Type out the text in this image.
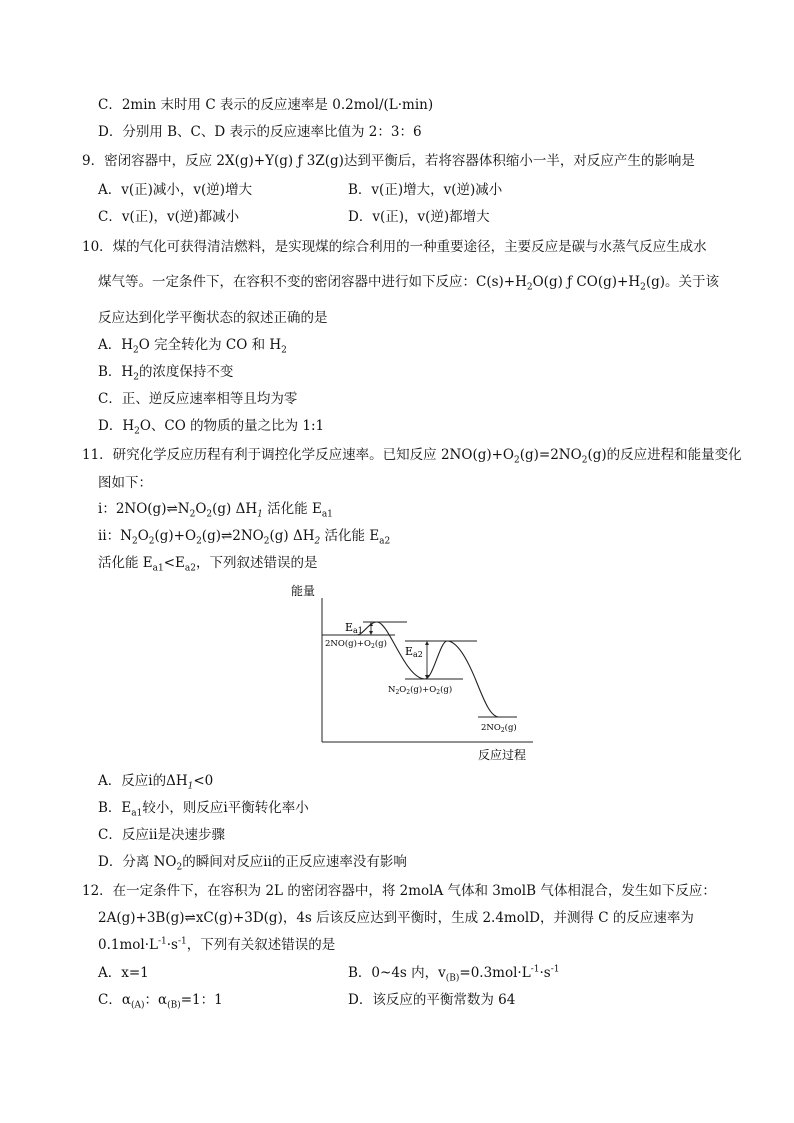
C．2min 末时用 C 表示的反应速率是 0.2mol/(L·min)
D．分别用 B、C、D 表示的反应速率比值为 2：3：6
9．密闭容器中，反应 2X(g)+Y(g) ƒ 3Z(g)达到平衡后，若将容器体积缩小一半，对反应产生的影响是
A．v(正)减小，v(逆)增大	B．v(正)增大，v(逆)减小
C．v(正)，v(逆)都减小	D．v(正)，v(逆)都增大
10．煤的气化可获得清洁燃料，是实现煤的综合利用的一种重要途径，主要反应是碳与水蒸气反应生成水
煤气等。一定条件下，在容积不变的密闭容器中进行如下反应：$C(s)+H_2O(g)$ ƒ $CO(g)+H_2(g)$。关于该
反应达到化学平衡状态的叙述正确的是
A．$H_2O$ 完全转化为 CO 和 $H_2$
B．$H_2$的浓度保持不变
C．正、逆反应速率相等且均为零
D．$H_2O$、CO 的物质的量之比为 1:1
11．研究化学反应历程有利于调控化学反应速率。已知反应 $2NO(g)+O_2(g)=2NO_2(g)$的反应进程和能量变化
图如下：
ⅰ：$2NO(g)\rightleftharpoons N_2O_2(g)$ $\Delta H_1$ 活化能 $E_{a1}$
ⅱ：$N_2O_2(g)+O_2(g)\rightleftharpoons 2NO_2(g)$ $\Delta H_2$ 活化能 $E_{a2}$
活化能 $E_{a1}<E_{a2}$，下列叙述错误的是
能量
反应过程
Ea1
Ea2
$2NO(g)+O_2(g)$
$N_2O_2(g)+O_2(g)$
$2NO_2(g)$
A．反应ⅰ的$\Delta H_1<0$
B．$E_{a1}$较小，则反应ⅰ平衡转化率小
C．反应ⅱ是决速步骤
D．分离 $NO_2$的瞬间对反应ⅱ的正反应速率没有影响
12．在一定条件下，在容积为 2L 的密闭容器中，将 2molA 气体和 3molB 气体相混合，发生如下反应：
2A(g)+3B(g)⇌xC(g)+3D(g)，4s 后该反应达到平衡时，生成 2.4molD，并测得 C 的反应速率为
$0.1mol\cdot L^{-1}\cdot s^{-1}$，下列有关叙述错误的是
A．x=1	B．0~4s 内，$v_{(B)}=0.3mol\cdot L^{-1}\cdot s^{-1}$
C．$\alpha_{(A)}$：$\alpha_{(B)}=1$：1	D．该反应的平衡常数为 64
